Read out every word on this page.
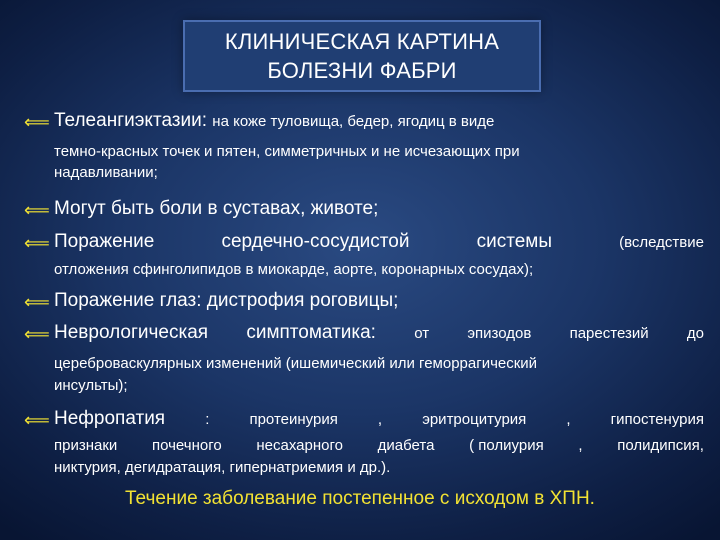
КЛИНИЧЕСКАЯ КАРТИНА
БОЛЕЗНИ ФАБРИ
⟸ Телеангиэктазии: на коже туловища, бедер, ягодиц в виде
темно-красных точек и пятен, симметричных и не исчезающих при
надавливании;
⟸ Могут быть боли в суставах, животе;
⟸ Поражение	сердечно-сосудистой	системы	(вследствие
отложения сфинголипидов в миокарде, аорте, коронарных сосудах);
⟸ Поражение глаз: дистрофия роговицы;
⟸ Неврологическая симптоматика:	от	эпизодов	парестезий	до
цереброваскулярных изменений (ишемический или геморрагический
инсульты);
⟸ Нефропатия	:	протеинурия	,	эритроцитурия	,	гипостенурия
признаки почечного несахарного диабета ( полиурия , полидипсия,
никтурия, дегидратация, гипернатриемия и др.).
Течение заболевание постепенное с исходом в ХПН.
